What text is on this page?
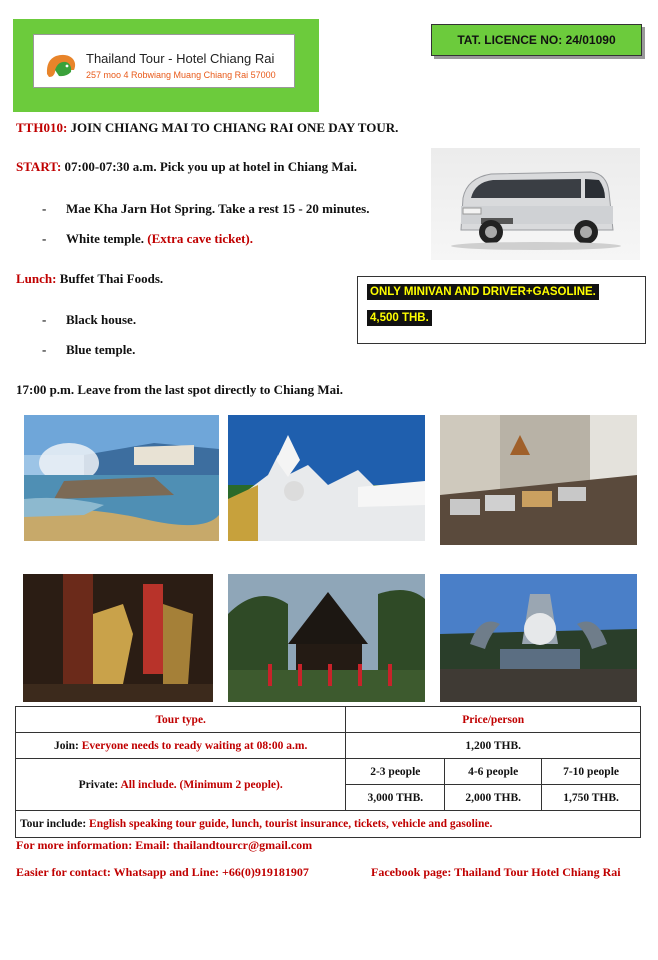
Thailand Tour - Hotel Chiang Rai
257 moo 4 Robwiang Muang Chiang Rai 57000
TAT. LICENCE NO: 24/01090
TTH010: JOIN CHIANG MAI TO CHIANG RAI ONE DAY TOUR.
START: 07:00-07:30 a.m. Pick you up at hotel in Chiang Mai.
- Mae Kha Jarn Hot Spring. Take a rest 15 - 20 minutes.
- White temple. (Extra cave ticket).
Lunch: Buffet Thai Foods.
- Black house.
- Blue temple.
17:00 p.m. Leave from the last spot directly to Chiang Mai.
ONLY MINIVAN AND DRIVER+GASOLINE.
4,500 THB.
Tour type.	Price/person		
Join: Everyone needs to ready waiting at 08:00 a.m.	1,200 THB.		
Private: All include. (Minimum 2 people).	2-3 people	4-6 people	7-10 people
	3,000 THB.	2,000 THB.	1,750 THB.
Tour include: English speaking tour guide, lunch, tourist insurance, tickets, vehicle and gasoline.			
For more information: Email: thailandtourcr@gmail.com
Easier for contact: Whatsapp and Line: +66(0)919181907	Facebook page: Thailand Tour Hotel Chiang Rai
